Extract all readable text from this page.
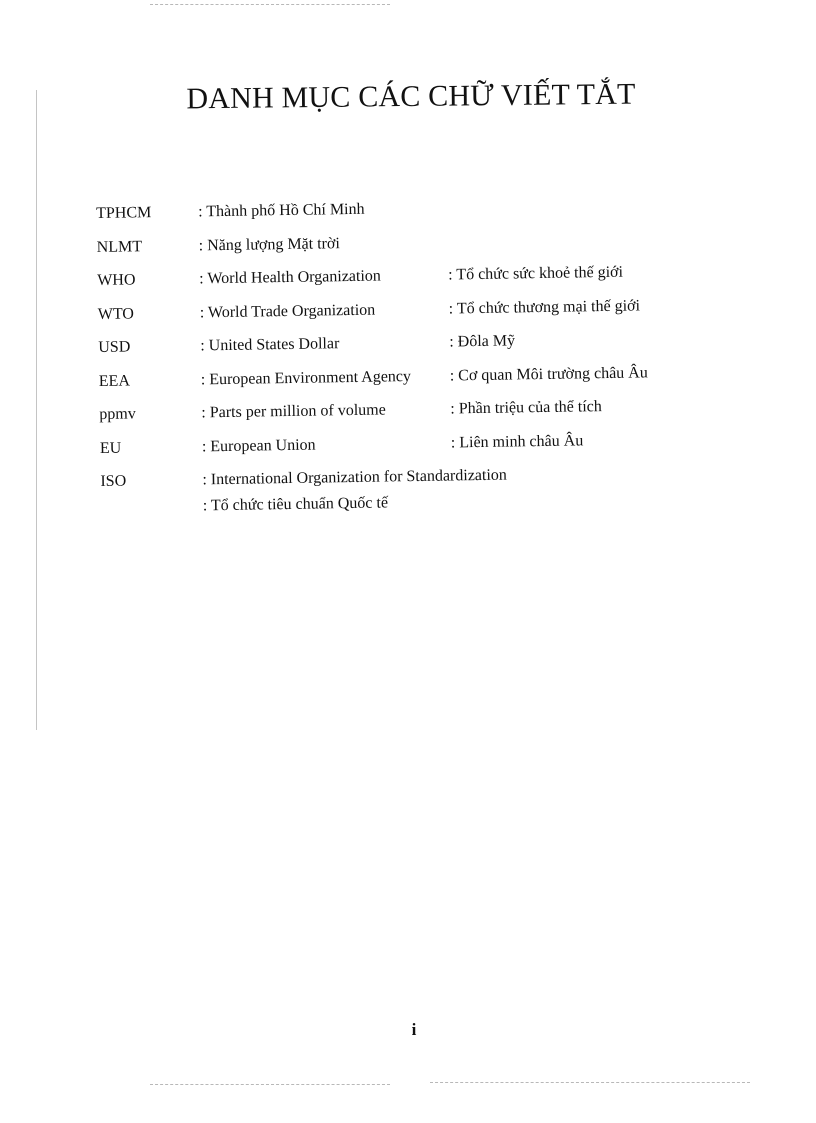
DANH MỤC CÁC CHỮ VIẾT TẮT
TPHCM	: Thành phố Hồ Chí Minh
NLMT	: Năng lượng Mặt trời
WHO	: World Health Organization	: Tổ chức sức khoẻ thế giới
WTO	: World Trade Organization	: Tổ chức thương mại thế giới
USD	: United States Dollar	: Đôla Mỹ
EEA	: European Environment Agency : Cơ quan Môi trường châu Âu
ppmv	: Parts per million of volume	: Phần triệu của thể tích
EU	: European Union	: Liên minh châu Âu
ISO	: International Organization for Standardization
: Tổ chức tiêu chuẩn Quốc tế
i
